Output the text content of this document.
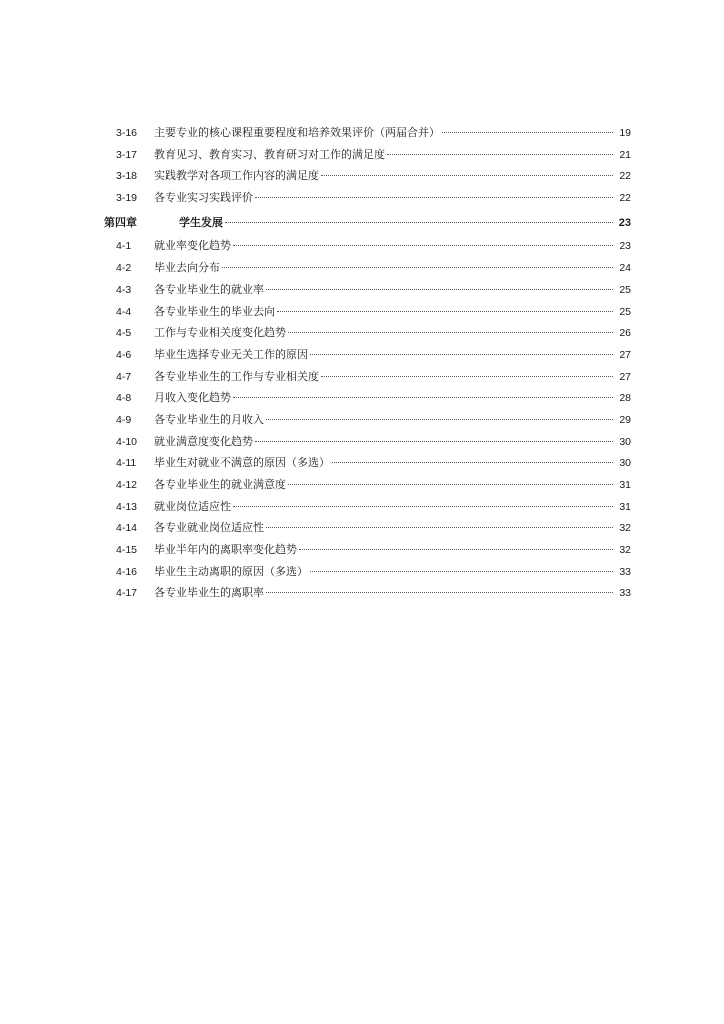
3-16	主要专业的核心课程重要程度和培养效果评价（两届合并）	19
3-17	教育见习、教育实习、教育研习对工作的满足度	21
3-18	实践教学对各项工作内容的满足度	22
3-19	各专业实习实践评价	22
第四章	学生发展	23
4-1	就业率变化趋势	23
4-2	毕业去向分布	24
4-3	各专业毕业生的就业率	25
4-4	各专业毕业生的毕业去向	25
4-5	工作与专业相关度变化趋势	26
4-6	毕业生选择专业无关工作的原因	27
4-7	各专业毕业生的工作与专业相关度	27
4-8	月收入变化趋势	28
4-9	各专业毕业生的月收入	29
4-10	就业满意度变化趋势	30
4-11	毕业生对就业不满意的原因（多选）	30
4-12	各专业毕业生的就业满意度	31
4-13	就业岗位适应性	31
4-14	各专业就业岗位适应性	32
4-15	毕业半年内的离职率变化趋势	32
4-16	毕业生主动离职的原因（多选）	33
4-17	各专业毕业生的离职率	33
